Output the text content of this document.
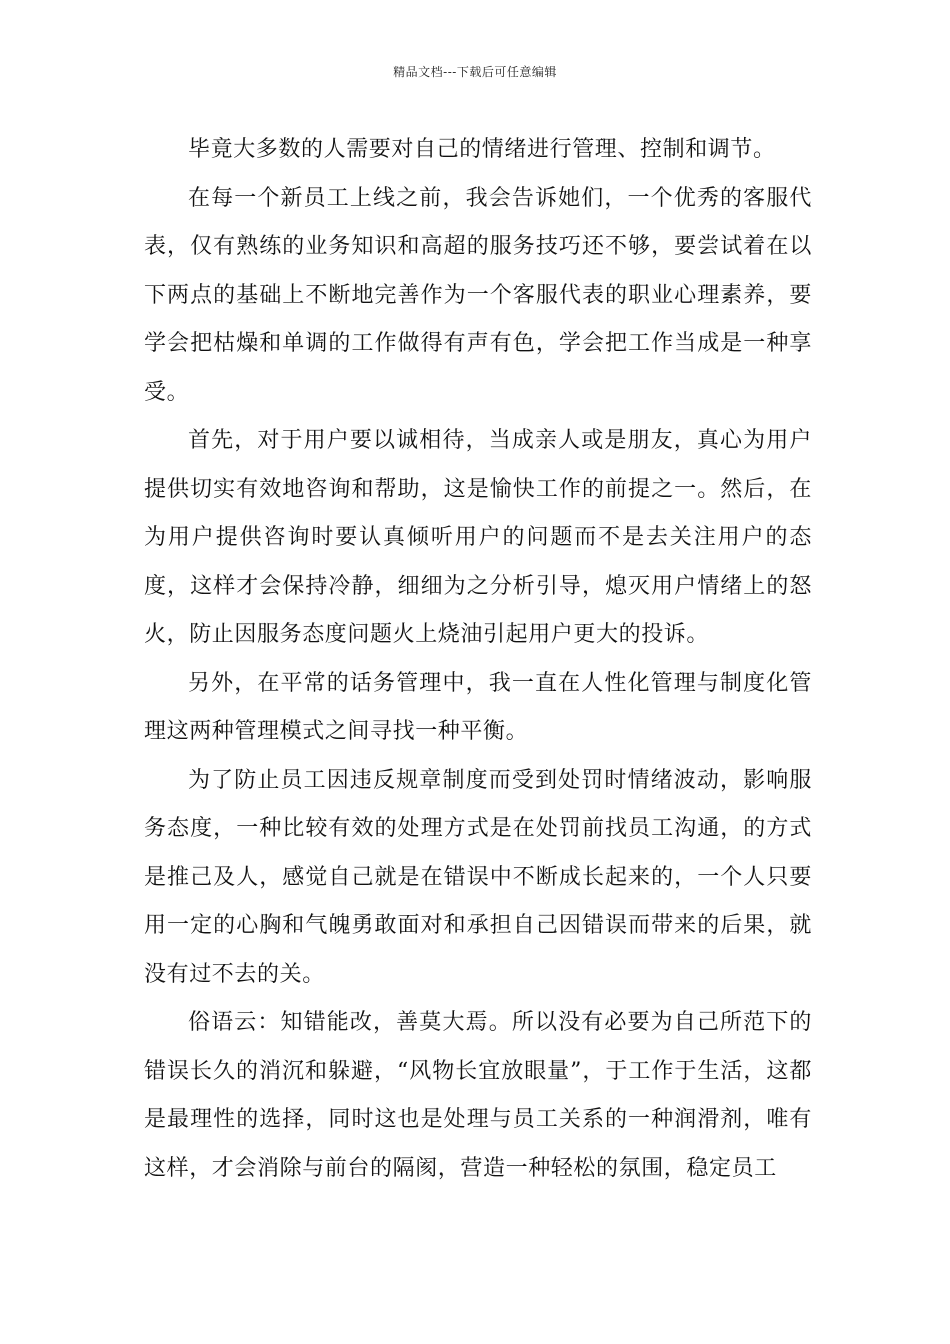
精品文档---下载后可任意编辑

毕竟大多数的人需要对自己的情绪进行管理、控制和调节。

在每一个新员工上线之前，我会告诉她们，一个优秀的客服代表，仅有熟练的业务知识和高超的服务技巧还不够，要尝试着在以下两点的基础上不断地完善作为一个客服代表的职业心理素养，要学会把枯燥和单调的工作做得有声有色，学会把工作当成是一种享受。

首先，对于用户要以诚相待，当成亲人或是朋友，真心为用户提供切实有效地咨询和帮助，这是愉快工作的前提之一。然后，在为用户提供咨询时要认真倾听用户的问题而不是去关注用户的态度，这样才会保持冷静，细细为之分析引导，熄灭用户情绪上的怒火，防止因服务态度问题火上烧油引起用户更大的投诉。

另外，在平常的话务管理中，我一直在人性化管理与制度化管理这两种管理模式之间寻找一种平衡。

为了防止员工因违反规章制度而受到处罚时情绪波动，影响服务态度，一种比较有效的处理方式是在处罚前找员工沟通，的方式是推己及人，感觉自己就是在错误中不断成长起来的，一个人只要用一定的心胸和气魄勇敢面对和承担自己因错误而带来的后果，就没有过不去的关。

俗语云：知错能改，善莫大焉。所以没有必要为自己所范下的错误长久的消沉和躲避，“风物长宜放眼量”，于工作于生活，这都是最理性的选择，同时这也是处理与员工关系的一种润滑剂，唯有这样，才会消除与前台的隔阂，营造一种轻松的氛围，稳定员工
